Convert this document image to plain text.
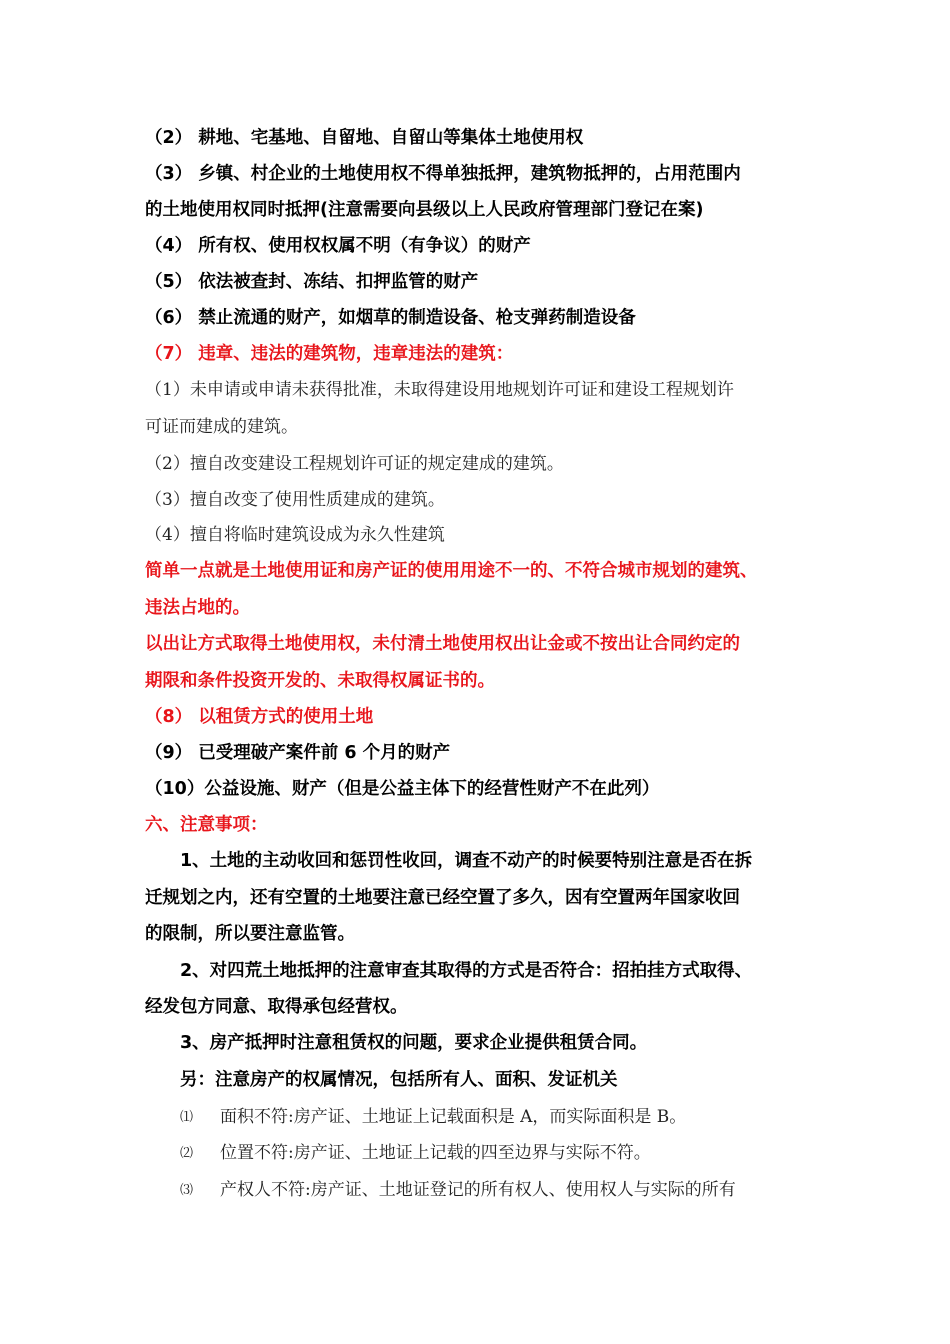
（2） 耕地、宅基地、自留地、自留山等集体土地使用权
（3） 乡镇、村企业的土地使用权不得单独抵押，建筑物抵押的，占用范围内
的土地使用权同时抵押(注意需要向县级以上人民政府管理部门登记在案)
（4） 所有权、使用权权属不明（有争议）的财产
（5） 依法被查封、冻结、扣押监管的财产
（6） 禁止流通的财产，如烟草的制造设备、枪支弹药制造设备
（7） 违章、违法的建筑物，违章违法的建筑：
（1）未申请或申请未获得批准，未取得建设用地规划许可证和建设工程规划许
可证而建成的建筑。
（2）擅自改变建设工程规划许可证的规定建成的建筑。
（3）擅自改变了使用性质建成的建筑。
（4）擅自将临时建筑设成为永久性建筑
简单一点就是土地使用证和房产证的使用用途不一的、不符合城市规划的建筑、
违法占地的。
以出让方式取得土地使用权，未付清土地使用权出让金或不按出让合同约定的
期限和条件投资开发的、未取得权属证书的。
（8） 以租赁方式的使用土地
（9） 已受理破产案件前 6 个月的财产
（10）公益设施、财产（但是公益主体下的经营性财产不在此列）
六、注意事项：
1、土地的主动收回和惩罚性收回，调查不动产的时候要特别注意是否在拆
迁规划之内，还有空置的土地要注意已经空置了多久，因有空置两年国家收回
的限制，所以要注意监管。
2、对四荒土地抵押的注意审查其取得的方式是否符合：招拍挂方式取得、
经发包方同意、取得承包经营权。
3、房产抵押时注意租赁权的问题，要求企业提供租赁合同。
另：注意房产的权属情况，包括所有人、面积、发证机关
⑴ 面积不符:房产证、土地证上记载面积是 A，而实际面积是 B。
⑵ 位置不符:房产证、土地证上记载的四至边界与实际不符。
⑶ 产权人不符:房产证、土地证登记的所有权人、使用权人与实际的所有
